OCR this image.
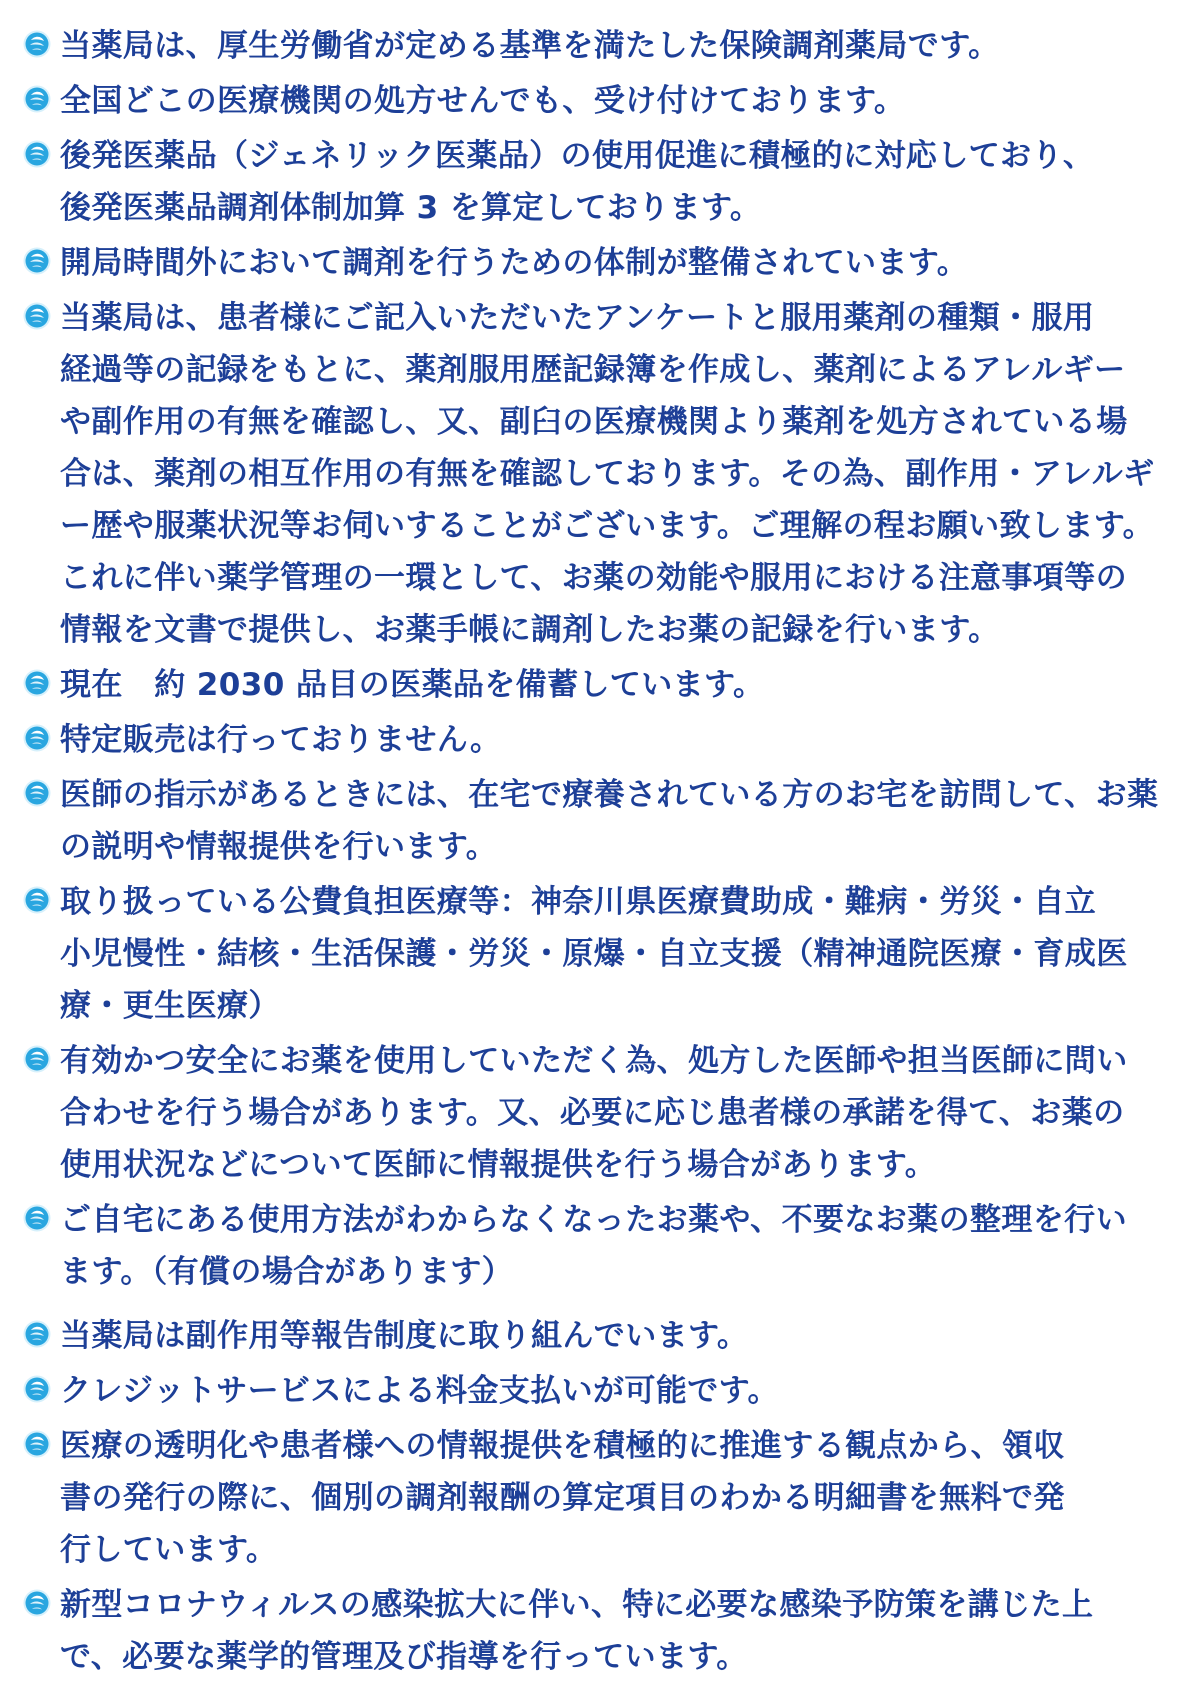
当薬局は、厚生労働省が定める基準を満たした保険調剤薬局です。
全国どこの医療機関の処方せんでも、受け付けております。
後発医薬品（ジェネリック医薬品）の使用促進に積極的に対応しており、
後発医薬品調剤体制加算 3 を算定しております。
開局時間外において調剤を行うための体制が整備されています。
当薬局は、患者様にご記入いただいたアンケートと服用薬剤の種類・服用
経過等の記録をもとに、薬剤服用歴記録簿を作成し、薬剤によるアレルギー
や副作用の有無を確認し、又、副臼の医療機関より薬剤を処方されている場
合は、薬剤の相互作用の有無を確認しております。その為、副作用・アレルギ
ー歴や服薬状況等お伺いすることがございます。ご理解の程お願い致します。
これに伴い薬学管理の一環として、お薬の効能や服用における注意事項等の
情報を文書で提供し、お薬手帳に調剤したお薬の記録を行います。
現在　約 2030 品目の医薬品を備蓄しています。
特定販売は行っておりません。
医師の指示があるときには、在宅で療養されている方のお宅を訪問して、お薬
の説明や情報提供を行います。
取り扱っている公費負担医療等：神奈川県医療費助成・難病・労災・自立
小児慢性・結核・生活保護・労災・原爆・自立支援（精神通院医療・育成医
療・更生医療）
有効かつ安全にお薬を使用していただく為、処方した医師や担当医師に問い
合わせを行う場合があります。又、必要に応じ患者様の承諾を得て、お薬の
使用状況などについて医師に情報提供を行う場合があります。
ご自宅にある使用方法がわからなくなったお薬や、不要なお薬の整理を行い
ます。（有償の場合があります）
当薬局は副作用等報告制度に取り組んでいます。
クレジットサービスによる料金支払いが可能です。
医療の透明化や患者様への情報提供を積極的に推進する観点から、領収
書の発行の際に、個別の調剤報酬の算定項目のわかる明細書を無料で発
行しています。
新型コロナウィルスの感染拡大に伴い、特に必要な感染予防策を講じた上
で、必要な薬学的管理及び指導を行っています。
